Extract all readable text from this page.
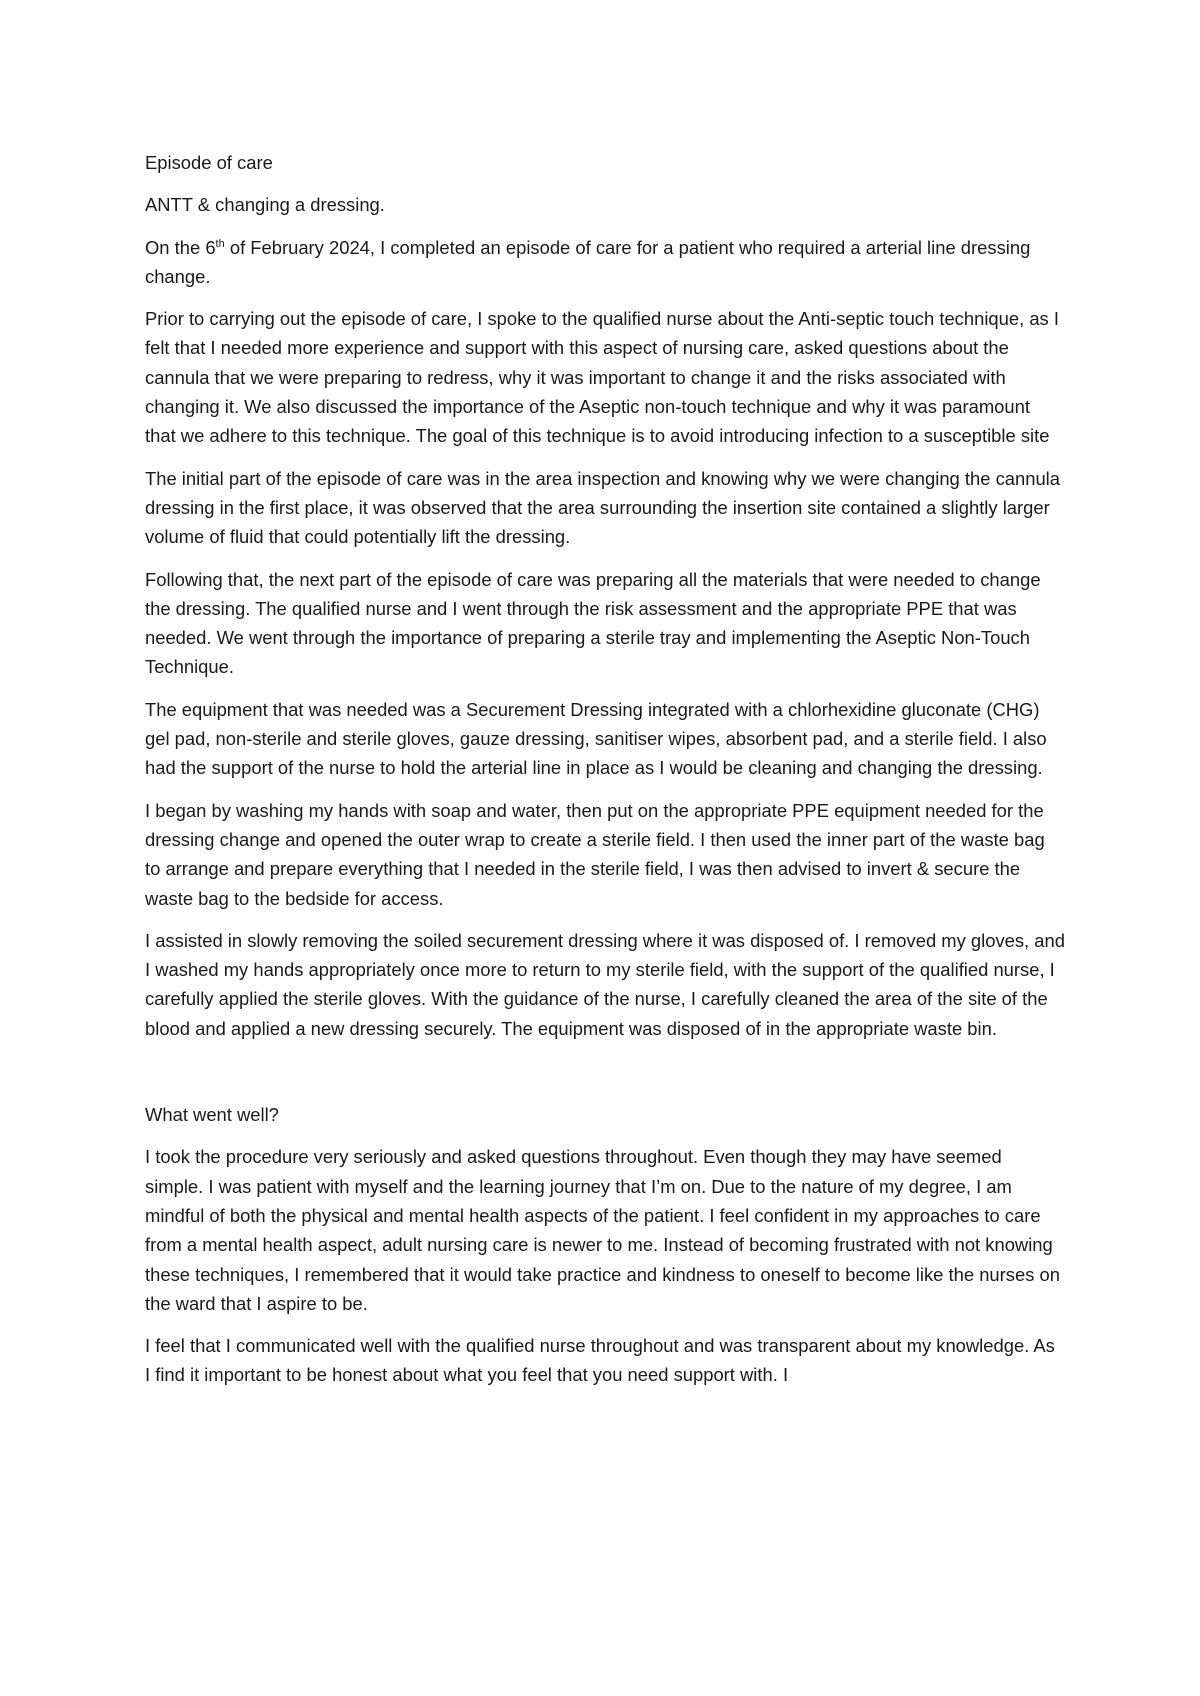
Episode of care

ANTT & changing a dressing.

On the 6th of February 2024, I completed an episode of care for a patient who required a arterial line dressing change.

Prior to carrying out the episode of care, I spoke to the qualified nurse about the Anti-septic touch technique, as I felt that I needed more experience and support with this aspect of nursing care, asked questions about the cannula that we were preparing to redress, why it was important to change it and the risks associated with changing it. We also discussed the importance of the Aseptic non-touch technique and why it was paramount that we adhere to this technique. The goal of this technique is to avoid introducing infection to a susceptible site

The initial part of the episode of care was in the area inspection and knowing why we were changing the cannula dressing in the first place, it was observed that the area surrounding the insertion site contained a slightly larger volume of fluid that could potentially lift the dressing.

Following that, the next part of the episode of care was preparing all the materials that were needed to change the dressing. The qualified nurse and I went through the risk assessment and the appropriate PPE that was needed. We went through the importance of preparing a sterile tray and implementing the Aseptic Non-Touch Technique.

The equipment that was needed was a Securement Dressing integrated with a chlorhexidine gluconate (CHG) gel pad, non-sterile and sterile gloves, gauze dressing, sanitiser wipes, absorbent pad, and a sterile field. I also had the support of the nurse to hold the arterial line in place as I would be cleaning and changing the dressing.

I began by washing my hands with soap and water, then put on the appropriate PPE equipment needed for the dressing change and opened the outer wrap to create a sterile field. I then used the inner part of the waste bag to arrange and prepare everything that I needed in the sterile field, I was then advised to invert & secure the waste bag to the bedside for access.

I assisted in slowly removing the soiled securement dressing where it was disposed of. I removed my gloves, and I washed my hands appropriately once more to return to my sterile field, with the support of the qualified nurse, I carefully applied the sterile gloves. With the guidance of the nurse, I carefully cleaned the area of the site of the blood and applied a new dressing securely. The equipment was disposed of in the appropriate waste bin.

What went well?

I took the procedure very seriously and asked questions throughout. Even though they may have seemed simple. I was patient with myself and the learning journey that I’m on. Due to the nature of my degree, I am mindful of both the physical and mental health aspects of the patient. I feel confident in my approaches to care from a mental health aspect, adult nursing care is newer to me. Instead of becoming frustrated with not knowing these techniques, I remembered that it would take practice and kindness to oneself to become like the nurses on the ward that I aspire to be.

I feel that I communicated well with the qualified nurse throughout and was transparent about my knowledge. As I find it important to be honest about what you feel that you need support with. I
